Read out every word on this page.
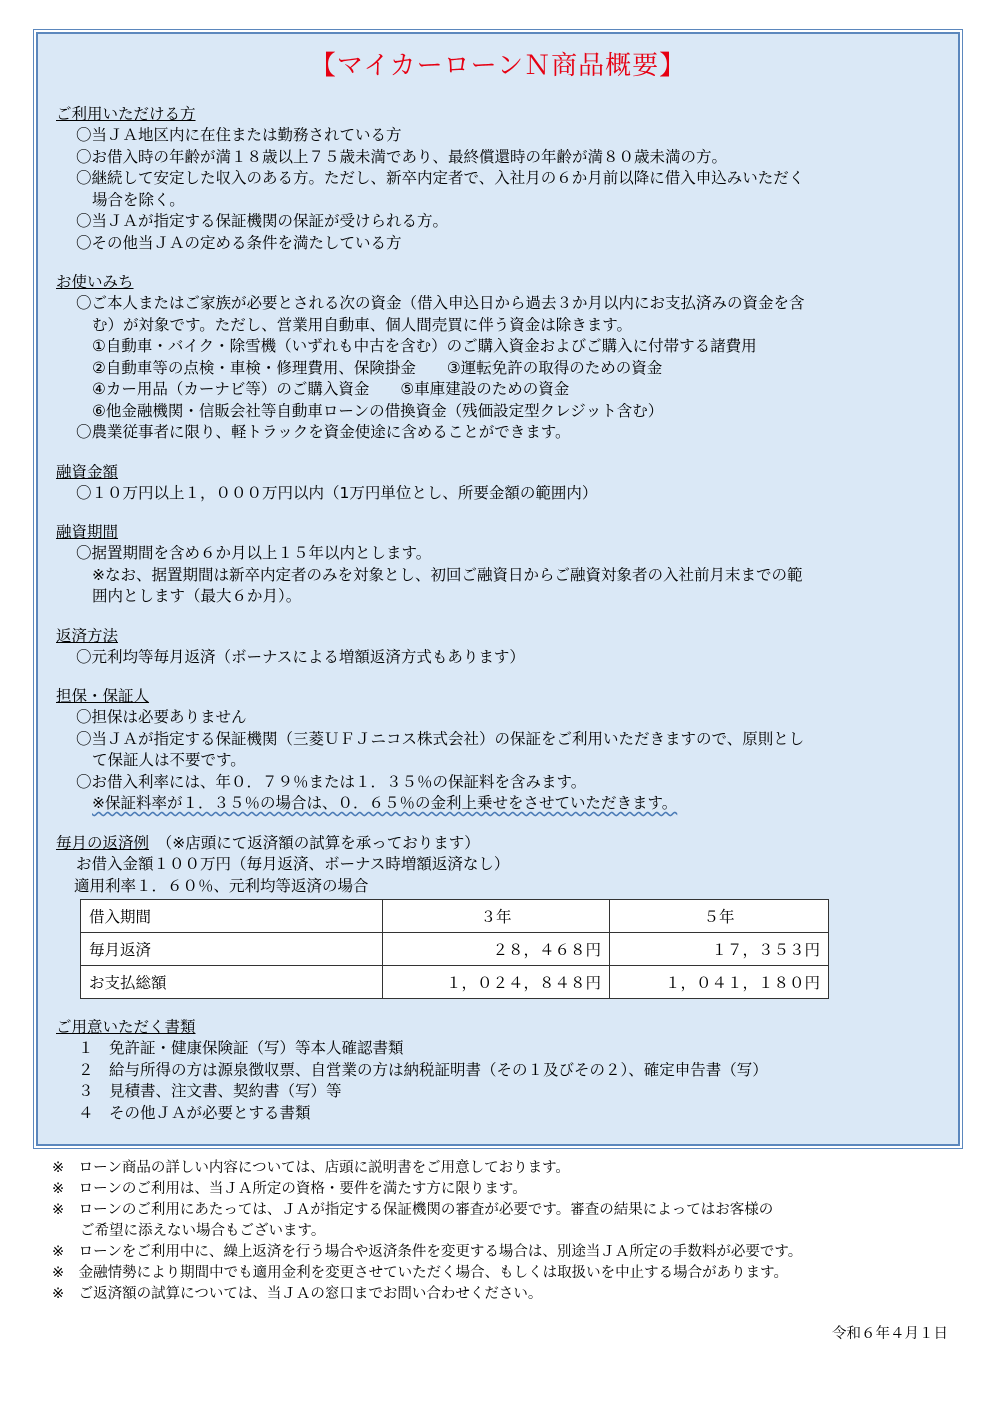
【マイカーローンＮ商品概要】
ご利用いただける方
〇当ＪＡ地区内に在住または勤務されている方
〇お借入時の年齢が満１８歳以上７５歳未満であり、最終償還時の年齢が満８０歳未満の方。
〇継続して安定した収入のある方。ただし、新卒内定者で、入社月の６か月前以降に借入申込みいただく
場合を除く。
〇当ＪＡが指定する保証機関の保証が受けられる方。
〇その他当ＪＡの定める条件を満たしている方
お使いみち
〇ご本人またはご家族が必要とされる次の資金（借入申込日から過去３か月以内にお支払済みの資金を含
む）が対象です。ただし、営業用自動車、個人間売買に伴う資金は除きます。
①自動車・バイク・除雪機（いずれも中古を含む）のご購入資金およびご購入に付帯する諸費用
②自動車等の点検・車検・修理費用、保険掛金　　③運転免許の取得のための資金
④カー用品（カーナビ等）のご購入資金　　⑤車庫建設のための資金
⑥他金融機関・信販会社等自動車ローンの借換資金（残価設定型クレジット含む）
〇農業従事者に限り、軽トラックを資金使途に含めることができます。
融資金額
〇１０万円以上１，０００万円以内（1万円単位とし、所要金額の範囲内）
融資期間
〇据置期間を含め６か月以上１５年以内とします。
※なお、据置期間は新卒内定者のみを対象とし、初回ご融資日からご融資対象者の入社前月末までの範
囲内とします（最大６か月）。
返済方法
〇元利均等毎月返済（ボーナスによる増額返済方式もあります）
担保・保証人
〇担保は必要ありません
〇当ＪＡが指定する保証機関（三菱ＵＦＪニコス株式会社）の保証をご利用いただきますので、原則とし
て保証人は不要です。
〇お借入利率には、年０．７９％または１．３５％の保証料を含みます。
※保証料率が１．３５％の場合は、０．６５％の金利上乗せをさせていただきます。
毎月の返済例　（※店頭にて返済額の試算を承っております）
お借入金額１００万円（毎月返済、ボーナス時増額返済なし）
適用利率１．６０％、元利均等返済の場合
借入期間	３年	５年
毎月返済	２８，４６８円	１７，３５３円
お支払総額	１，０２４，８４８円	１，０４１，１８０円
ご用意いただく書類
１　免許証・健康保険証（写）等本人確認書類
２　給与所得の方は源泉徴収票、自営業の方は納税証明書（その１及びその２）、確定申告書（写）
３　見積書、注文書、契約書（写）等
４　その他ＪＡが必要とする書類
※　ローン商品の詳しい内容については、店頭に説明書をご用意しております。
※　ローンのご利用は、当ＪＡ所定の資格・要件を満たす方に限ります。
※　ローンのご利用にあたっては、ＪＡが指定する保証機関の審査が必要です。審査の結果によってはお客様の
ご希望に添えない場合もございます。
※　ローンをご利用中に、繰上返済を行う場合や返済条件を変更する場合は、別途当ＪＡ所定の手数料が必要です。
※　金融情勢により期間中でも適用金利を変更させていただく場合、もしくは取扱いを中止する場合があります。
※　ご返済額の試算については、当ＪＡの窓口までお問い合わせください。
令和６年４月１日
